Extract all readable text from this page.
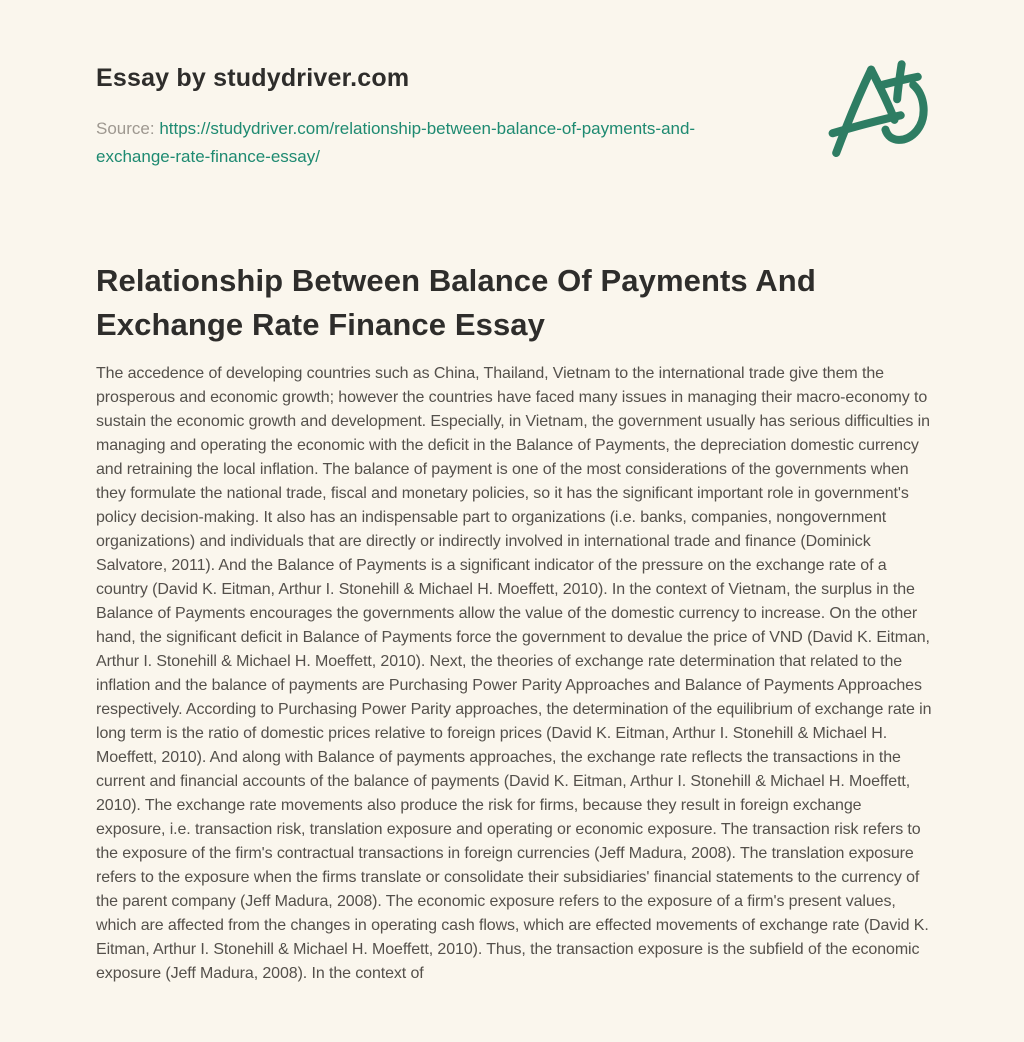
Essay by studydriver.com

Source: https://studydriver.com/relationship-between-balance-of-payments-and-exchange-rate-finance-essay/

Relationship Between Balance Of Payments And Exchange Rate Finance Essay

The accedence of developing countries such as China, Thailand, Vietnam to the international trade give them the prosperous and economic growth; however the countries have faced many issues in managing their macro-economy to sustain the economic growth and development. Especially, in Vietnam, the government usually has serious difficulties in managing and operating the economic with the deficit in the Balance of Payments, the depreciation domestic currency and retraining the local inflation. The balance of payment is one of the most considerations of the governments when they formulate the national trade, fiscal and monetary policies, so it has the significant important role in government's policy decision-making. It also has an indispensable part to organizations (i.e. banks, companies, nongovernment organizations) and individuals that are directly or indirectly involved in international trade and finance (Dominick Salvatore, 2011). And the Balance of Payments is a significant indicator of the pressure on the exchange rate of a country (David K. Eitman, Arthur I. Stonehill & Michael H. Moeffett, 2010). In the context of Vietnam, the surplus in the Balance of Payments encourages the governments allow the value of the domestic currency to increase. On the other hand, the significant deficit in Balance of Payments force the government to devalue the price of VND (David K. Eitman, Arthur I. Stonehill & Michael H. Moeffett, 2010). Next, the theories of exchange rate determination that related to the inflation and the balance of payments are Purchasing Power Parity Approaches and Balance of Payments Approaches respectively. According to Purchasing Power Parity approaches, the determination of the equilibrium of exchange rate in long term is the ratio of domestic prices relative to foreign prices (David K. Eitman, Arthur I. Stonehill & Michael H. Moeffett, 2010). And along with Balance of payments approaches, the exchange rate reflects the transactions in the current and financial accounts of the balance of payments (David K. Eitman, Arthur I. Stonehill & Michael H. Moeffett, 2010). The exchange rate movements also produce the risk for firms, because they result in foreign exchange exposure, i.e. transaction risk, translation exposure and operating or economic exposure. The transaction risk refers to the exposure of the firm's contractual transactions in foreign currencies (Jeff Madura, 2008). The translation exposure refers to the exposure when the firms translate or consolidate their subsidiaries' financial statements to the currency of the parent company (Jeff Madura, 2008). The economic exposure refers to the exposure of a firm's present values, which are affected from the changes in operating cash flows, which are effected movements of exchange rate (David K. Eitman, Arthur I. Stonehill & Michael H. Moeffett, 2010). Thus, the transaction exposure is the subfield of the economic exposure (Jeff Madura, 2008). In the context of
